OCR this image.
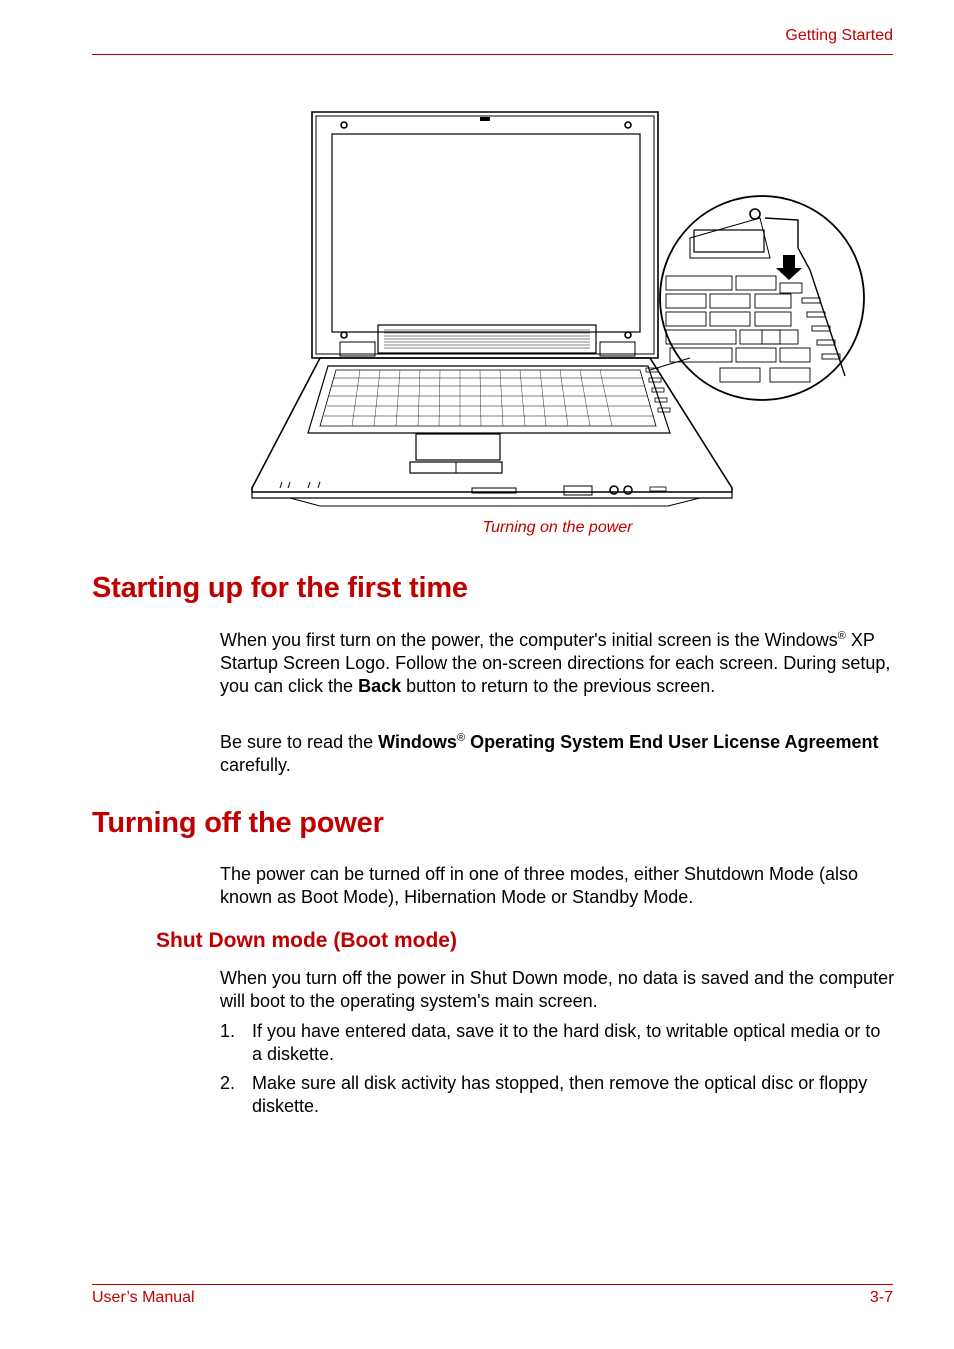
Getting Started
Turning on the power
Starting up for the first time

When you first turn on the power, the computer's initial screen is the Windows® XP Startup Screen Logo. Follow the on-screen directions for each screen. During setup, you can click the Back button to return to the previous screen.

Be sure to read the Windows® Operating System End User License Agreement carefully.

Turning off the power

The power can be turned off in one of three modes, either Shutdown Mode (also known as Boot Mode), Hibernation Mode or Standby Mode.

Shut Down mode (Boot mode)

When you turn off the power in Shut Down mode, no data is saved and the computer will boot to the operating system's main screen.

1. If you have entered data, save it to the hard disk, to writable optical media or to a diskette.
2. Make sure all disk activity has stopped, then remove the optical disc or floppy diskette.
User’s Manual	3-7
